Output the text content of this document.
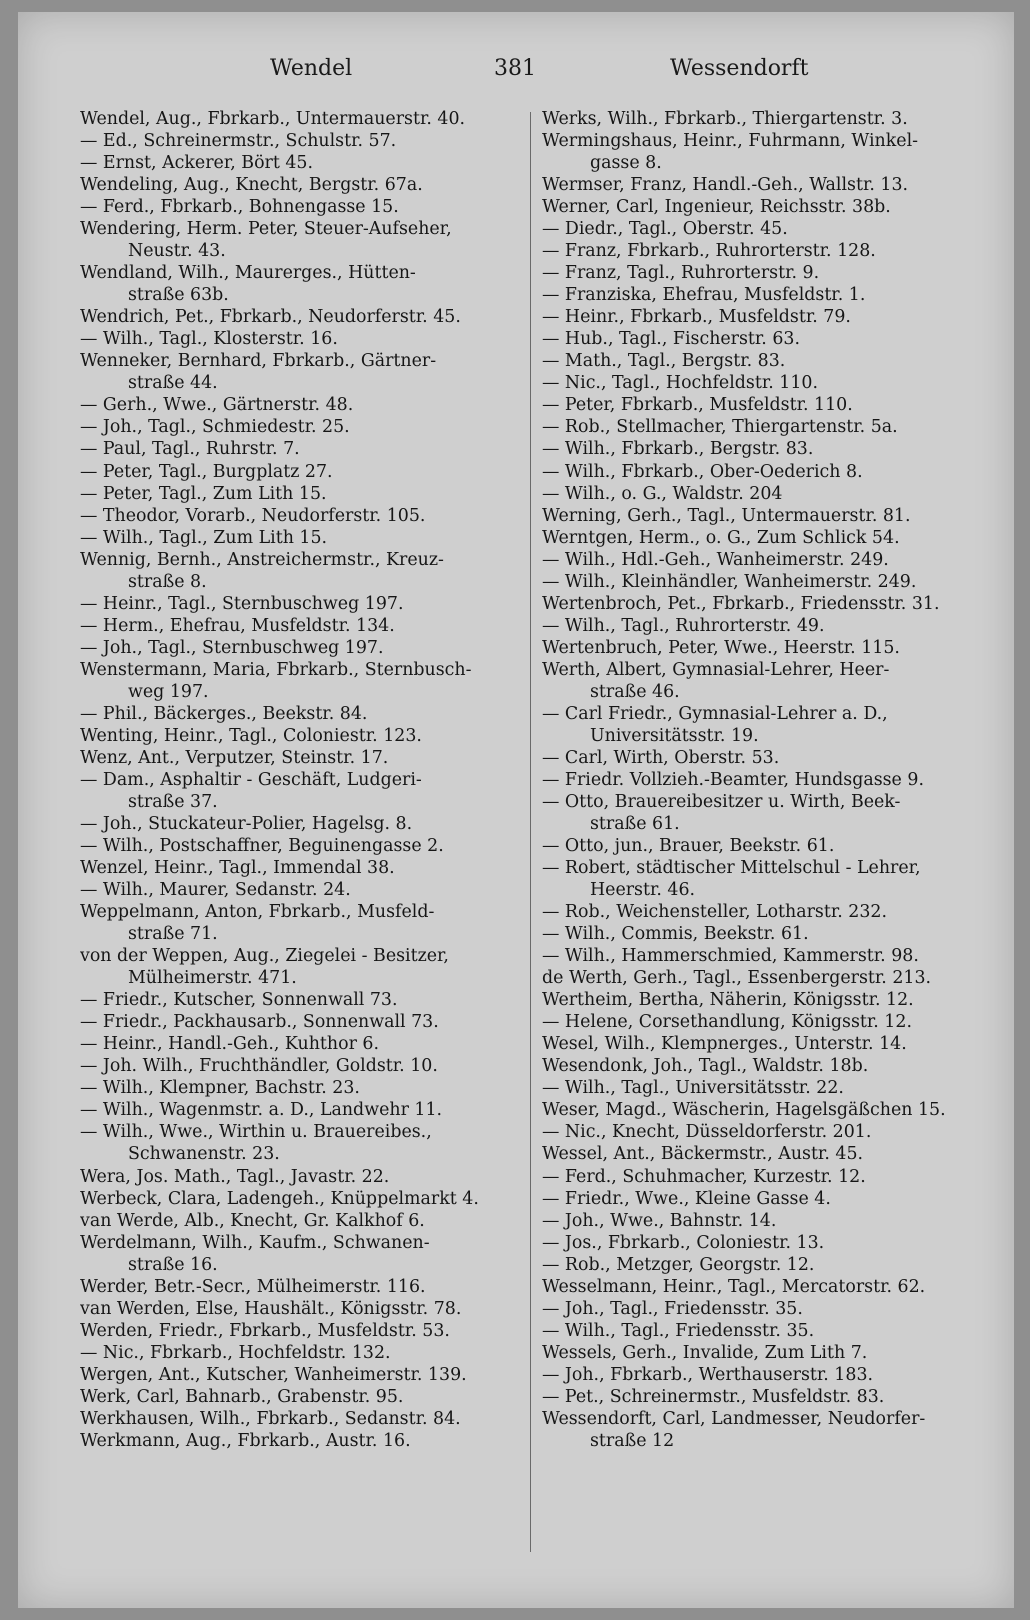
Wendel	381	Wessendorft
Wendel, Aug., Fbrkarb., Untermauerstr. 40.
— Ed., Schreinermstr., Schulstr. 57.
— Ernst, Ackerer, Bört 45.
Wendeling, Aug., Knecht, Bergstr. 67a.
— Ferd., Fbrkarb., Bohnengasse 15.
Wendering, Herm. Peter, Steuer-Aufseher,
Neustr. 43.
Wendland, Wilh., Maurerges., Hütten-
straße 63b.
Wendrich, Pet., Fbrkarb., Neudorferstr. 45.
— Wilh., Tagl., Klosterstr. 16.
Wenneker, Bernhard, Fbrkarb., Gärtner-
straße 44.
— Gerh., Wwe., Gärtnerstr. 48.
— Joh., Tagl., Schmiedestr. 25.
— Paul, Tagl., Ruhrstr. 7.
— Peter, Tagl., Burgplatz 27.
— Peter, Tagl., Zum Lith 15.
— Theodor, Vorarb., Neudorferstr. 105.
— Wilh., Tagl., Zum Lith 15.
Wennig, Bernh., Anstreichermstr., Kreuz-
straße 8.
— Heinr., Tagl., Sternbuschweg 197.
— Herm., Ehefrau, Musfeldstr. 134.
— Joh., Tagl., Sternbuschweg 197.
Wenstermann, Maria, Fbrkarb., Sternbusch-
weg 197.
— Phil., Bäckerges., Beekstr. 84.
Wenting, Heinr., Tagl., Coloniestr. 123.
Wenz, Ant., Verputzer, Steinstr. 17.
— Dam., Asphaltir - Geschäft, Ludgeri-
straße 37.
— Joh., Stuckateur-Polier, Hagelsg. 8.
— Wilh., Postschaffner, Beguinengasse 2.
Wenzel, Heinr., Tagl., Immendal 38.
— Wilh., Maurer, Sedanstr. 24.
Weppelmann, Anton, Fbrkarb., Musfeld-
straße 71.
von der Weppen, Aug., Ziegelei - Besitzer,
Mülheimerstr. 471.
— Friedr., Kutscher, Sonnenwall 73.
— Friedr., Packhausarb., Sonnenwall 73.
— Heinr., Handl.-Geh., Kuhthor 6.
— Joh. Wilh., Fruchthändler, Goldstr. 10.
— Wilh., Klempner, Bachstr. 23.
— Wilh., Wagenmstr. a. D., Landwehr 11.
— Wilh., Wwe., Wirthin u. Brauereibes.,
Schwanenstr. 23.
Wera, Jos. Math., Tagl., Javastr. 22.
Werbeck, Clara, Ladengeh., Knüppelmarkt 4.
van Werde, Alb., Knecht, Gr. Kalkhof 6.
Werdelmann, Wilh., Kaufm., Schwanen-
straße 16.
Werder, Betr.-Secr., Mülheimerstr. 116.
van Werden, Else, Haushält., Königsstr. 78.
Werden, Friedr., Fbrkarb., Musfeldstr. 53.
— Nic., Fbrkarb., Hochfeldstr. 132.
Wergen, Ant., Kutscher, Wanheimerstr. 139.
Werk, Carl, Bahnarb., Grabenstr. 95.
Werkhausen, Wilh., Fbrkarb., Sedanstr. 84.
Werkmann, Aug., Fbrkarb., Austr. 16.
Werks, Wilh., Fbrkarb., Thiergartenstr. 3.
Wermingshaus, Heinr., Fuhrmann, Winkel-
gasse 8.
Wermser, Franz, Handl.-Geh., Wallstr. 13.
Werner, Carl, Ingenieur, Reichsstr. 38b.
— Diedr., Tagl., Oberstr. 45.
— Franz, Fbrkarb., Ruhrorterstr. 128.
— Franz, Tagl., Ruhrorterstr. 9.
— Franziska, Ehefrau, Musfeldstr. 1.
— Heinr., Fbrkarb., Musfeldstr. 79.
— Hub., Tagl., Fischerstr. 63.
— Math., Tagl., Bergstr. 83.
— Nic., Tagl., Hochfeldstr. 110.
— Peter, Fbrkarb., Musfeldstr. 110.
— Rob., Stellmacher, Thiergartenstr. 5a.
— Wilh., Fbrkarb., Bergstr. 83.
— Wilh., Fbrkarb., Ober-Oederich 8.
— Wilh., o. G., Waldstr. 204
Werning, Gerh., Tagl., Untermauerstr. 81.
Werntgen, Herm., o. G., Zum Schlick 54.
— Wilh., Hdl.-Geh., Wanheimerstr. 249.
— Wilh., Kleinhändler, Wanheimerstr. 249.
Wertenbroch, Pet., Fbrkarb., Friedensstr. 31.
— Wilh., Tagl., Ruhrorterstr. 49.
Wertenbruch, Peter, Wwe., Heerstr. 115.
Werth, Albert, Gymnasial-Lehrer, Heer-
straße 46.
— Carl Friedr., Gymnasial-Lehrer a. D.,
Universitätsstr. 19.
— Carl, Wirth, Oberstr. 53.
— Friedr. Vollzieh.-Beamter, Hundsgasse 9.
— Otto, Brauereibesitzer u. Wirth, Beek-
straße 61.
— Otto, jun., Brauer, Beekstr. 61.
— Robert, städtischer Mittelschul - Lehrer,
Heerstr. 46.
— Rob., Weichensteller, Lotharstr. 232.
— Wilh., Commis, Beekstr. 61.
— Wilh., Hammerschmied, Kammerstr. 98.
de Werth, Gerh., Tagl., Essenbergerstr. 213.
Wertheim, Bertha, Näherin, Königsstr. 12.
— Helene, Corsethandlung, Königsstr. 12.
Wesel, Wilh., Klempnerges., Unterstr. 14.
Wesendonk, Joh., Tagl., Waldstr. 18b.
— Wilh., Tagl., Universitätsstr. 22.
Weser, Magd., Wäscherin, Hagelsgäßchen 15.
— Nic., Knecht, Düsseldorferstr. 201.
Wessel, Ant., Bäckermstr., Austr. 45.
— Ferd., Schuhmacher, Kurzestr. 12.
— Friedr., Wwe., Kleine Gasse 4.
— Joh., Wwe., Bahnstr. 14.
— Jos., Fbrkarb., Coloniestr. 13.
— Rob., Metzger, Georgstr. 12.
Wesselmann, Heinr., Tagl., Mercatorstr. 62.
— Joh., Tagl., Friedensstr. 35.
— Wilh., Tagl., Friedensstr. 35.
Wessels, Gerh., Invalide, Zum Lith 7.
— Joh., Fbrkarb., Werthauserstr. 183.
— Pet., Schreinermstr., Musfeldstr. 83.
Wessendorft, Carl, Landmesser, Neudorfer-
straße 12
